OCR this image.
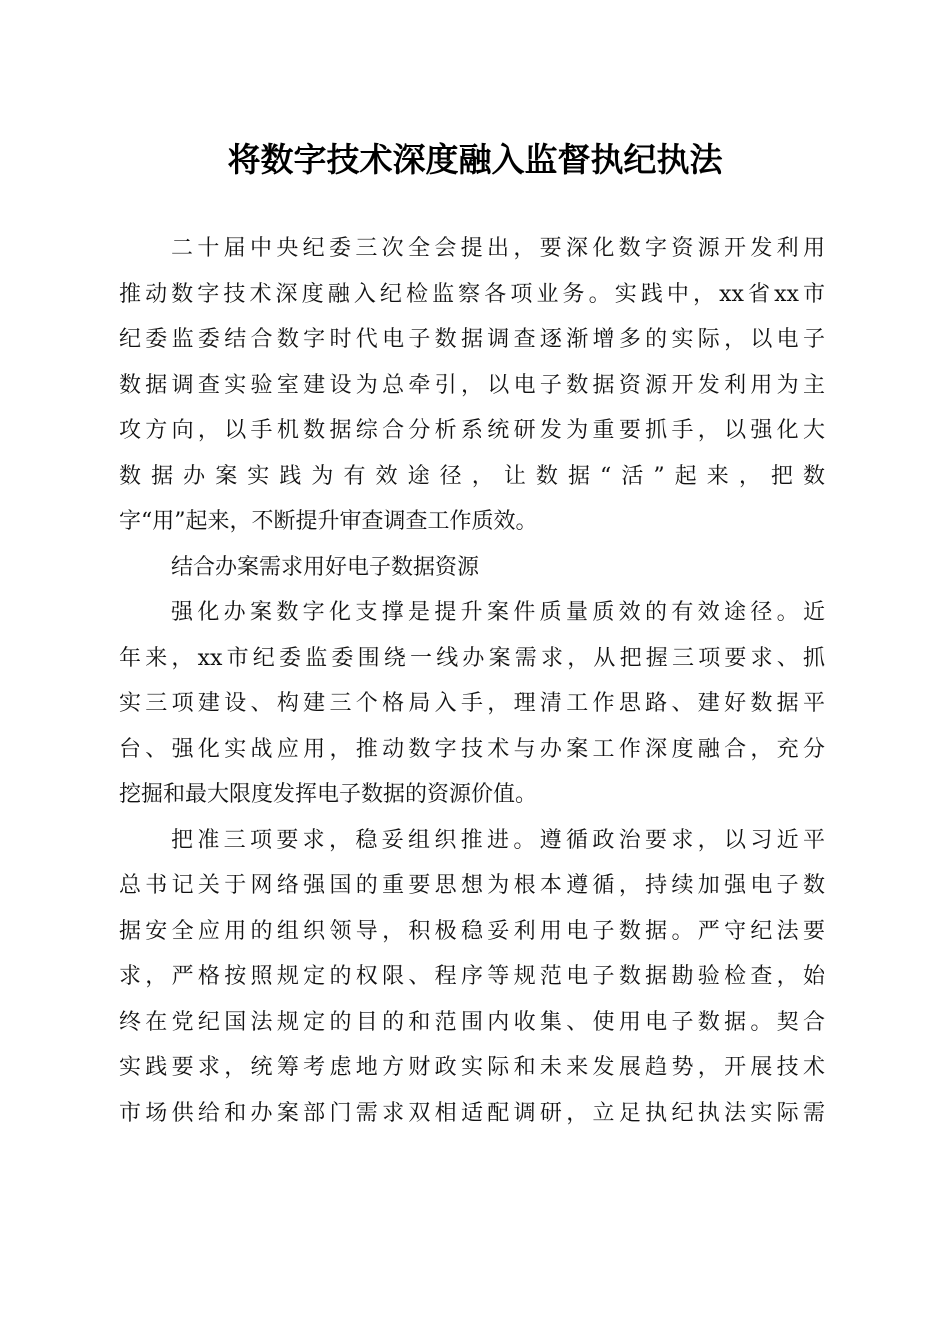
将数字技术深度融入监督执纪执法
二十届中央纪委三次全会提出，要深化数字资源开发利用
推动数字技术深度融入纪检监察各项业务。实践中，xx省xx市
纪委监委结合数字时代电子数据调查逐渐增多的实际，以电子
数据调查实验室建设为总牵引，以电子数据资源开发利用为主
攻方向，以手机数据综合分析系统研发为重要抓手，以强化大
数据办案实践为有效途径，让数据“活”起来，把数
字“用”起来，不断提升审查调查工作质效。
结合办案需求用好电子数据资源
强化办案数字化支撑是提升案件质量质效的有效途径。近
年来，xx市纪委监委围绕一线办案需求，从把握三项要求、抓
实三项建设、构建三个格局入手，理清工作思路、建好数据平
台、强化实战应用，推动数字技术与办案工作深度融合，充分
挖掘和最大限度发挥电子数据的资源价值。
把准三项要求，稳妥组织推进。遵循政治要求，以习近平
总书记关于网络强国的重要思想为根本遵循，持续加强电子数
据安全应用的组织领导，积极稳妥利用电子数据。严守纪法要
求，严格按照规定的权限、程序等规范电子数据勘验检查，始
终在党纪国法规定的目的和范围内收集、使用电子数据。契合
实践要求，统筹考虑地方财政实际和未来发展趋势，开展技术
市场供给和办案部门需求双相适配调研，立足执纪执法实际需
